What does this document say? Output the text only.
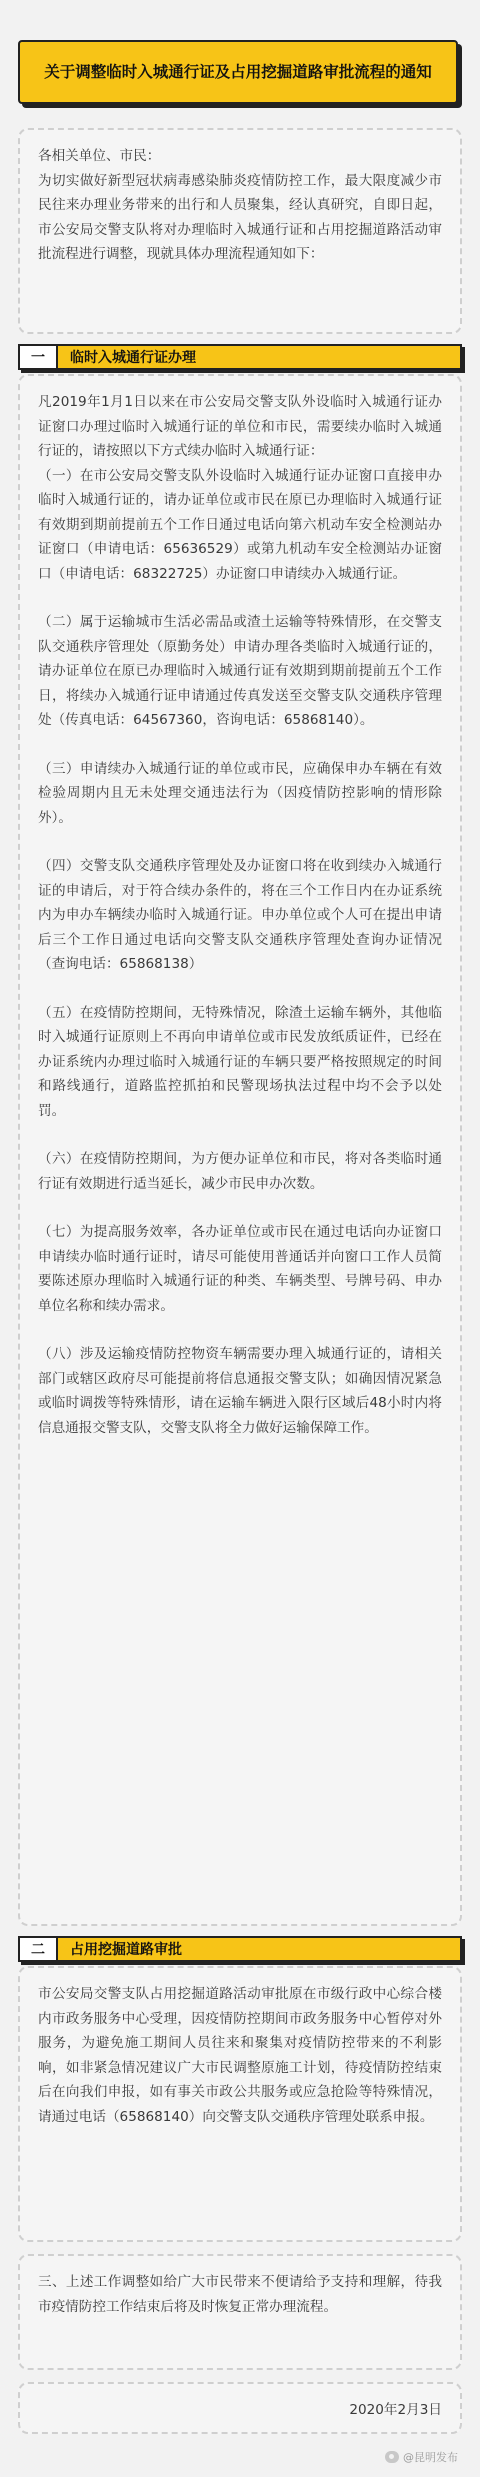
关于调整临时入城通行证及占用挖掘道路审批流程的通知

各相关单位、市民：

为切实做好新型冠状病毒感染肺炎疫情防控工作，最大限度减少市民往来办理业务带来的出行和人员聚集，经认真研究，自即日起，市公安局交警支队将对办理临时入城通行证和占用挖掘道路活动审批流程进行调整，现就具体办理流程通知如下：

一	临时入城通行证办理

凡2019年1月1日以来在市公安局交警支队外设临时入城通行证办证窗口办理过临时入城通行证的单位和市民，需要续办临时入城通行证的，请按照以下方式续办临时入城通行证：
（一）在市公安局交警支队外设临时入城通行证办证窗口直接申办临时入城通行证的，请办证单位或市民在原已办理临时入城通行证有效期到期前提前五个工作日通过电话向第六机动车安全检测站办证窗口（申请电话：65636529）或第九机动车安全检测站办证窗口（申请电话：68322725）办证窗口申请续办入城通行证。

（二）属于运输城市生活必需品或渣土运输等特殊情形，在交警支队交通秩序管理处（原勤务处）申请办理各类临时入城通行证的，请办证单位在原已办理临时入城通行证有效期到期前提前五个工作日，将续办入城通行证申请通过传真发送至交警支队交通秩序管理处（传真电话：64567360，咨询电话：65868140）。

（三）申请续办入城通行证的单位或市民，应确保申办车辆在有效检验周期内且无未处理交通违法行为（因疫情防控影响的情形除外）。

（四）交警支队交通秩序管理处及办证窗口将在收到续办入城通行证的申请后，对于符合续办条件的，将在三个工作日内在办证系统内为申办车辆续办临时入城通行证。申办单位或个人可在提出申请后三个工作日通过电话向交警支队交通秩序管理处查询办证情况（查询电话：65868138）

（五）在疫情防控期间，无特殊情况，除渣土运输车辆外，其他临时入城通行证原则上不再向申请单位或市民发放纸质证件，已经在办证系统内办理过临时入城通行证的车辆只要严格按照规定的时间和路线通行，道路监控抓拍和民警现场执法过程中均不会予以处罚。

（六）在疫情防控期间，为方便办证单位和市民，将对各类临时通行证有效期进行适当延长，减少市民申办次数。

（七）为提高服务效率，各办证单位或市民在通过电话向办证窗口申请续办临时通行证时，请尽可能使用普通话并向窗口工作人员简要陈述原办理临时入城通行证的种类、车辆类型、号牌号码、申办单位名称和续办需求。

（八）涉及运输疫情防控物资车辆需要办理入城通行证的，请相关部门或辖区政府尽可能提前将信息通报交警支队；如确因情况紧急或临时调拨等特殊情形，请在运输车辆进入限行区域后48小时内将信息通报交警支队，交警支队将全力做好运输保障工作。

二	占用挖掘道路审批

市公安局交警支队占用挖掘道路活动审批原在市级行政中心综合楼内市政务服务中心受理，因疫情防控期间市政务服务中心暂停对外服务，为避免施工期间人员往来和聚集对疫情防控带来的不利影响，如非紧急情况建议广大市民调整原施工计划，待疫情防控结束后在向我们申报，如有事关市政公共服务或应急抢险等特殊情况，请通过电话（65868140）向交警支队交通秩序管理处联系申报。

三、上述工作调整如给广大市民带来不便请给予支持和理解，待我市疫情防控工作结束后将及时恢复正常办理流程。

2020年2月3日

@昆明发布
